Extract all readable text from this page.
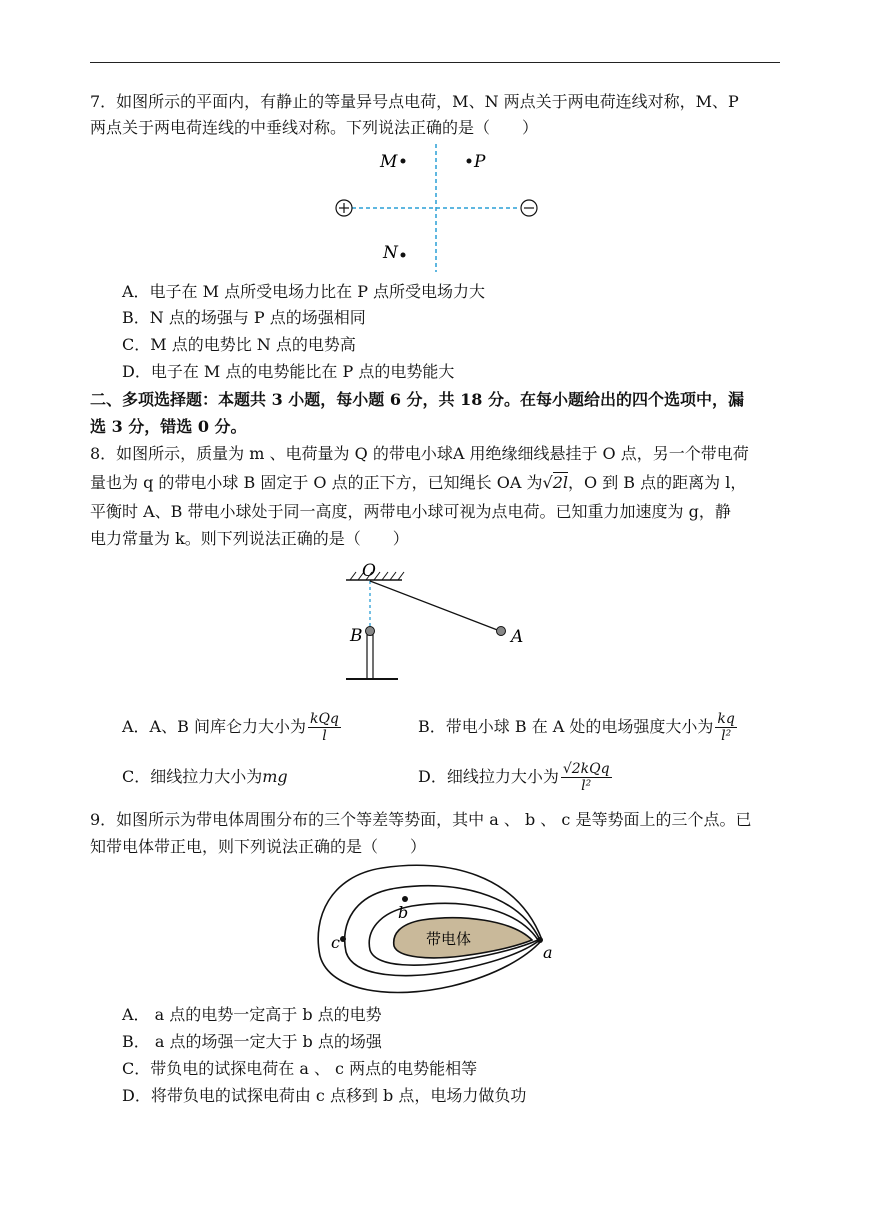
7．如图所示的平面内，有静止的等量异号点电荷，M、N 两点关于两电荷连线对称，M、P
两点关于两电荷连线的中垂线对称。下列说法正确的是（　　）
M	P
N
A．电子在 M 点所受电场力比在 P 点所受电场力大
B．N 点的场强与 P 点的场强相同
C．M 点的电势比 N 点的电势高
D．电子在 M 点的电势能比在 P 点的电势能大
二、多项选择题：本题共 3 小题，每小题 6 分，共 18 分。在每小题给出的四个选项中，漏
选 3 分，错选 0 分。
8．如图所示，质量为 m 、电荷量为 Q 的带电小球A 用绝缘细线悬挂于 O 点，另一个带电荷
量也为 q 的带电小球 B 固定于 O 点的正下方，已知绳长 OA 为√2l，O 到 B 点的距离为 l，
平衡时 A、B 带电小球处于同一高度，两带电小球可视为点电荷。已知重力加速度为 g，静
电力常量为 k。则下列说法正确的是（　　）
O
B	A
A．A、B 间库仑力大小为 $\frac{\text{kQq}}{l}$	B．带电小球 B 在 A 处的电场强度大小为 $\frac{kq}{\text{l²}}$
C．细线拉力大小为mg	D．细线拉力大小为 $\frac{\text{√2kQq}}{\text{l²}}$
9．如图所示为带电体周围分布的三个等差等势面，其中 a 、 b 、 c 是等势面上的三个点。已
知带电体带正电，则下列说法正确的是（　　）
带电体
a
b
c
A． a 点的电势一定高于 b 点的电势
B． a 点的场强一定大于 b 点的场强
C．带负电的试探电荷在 a 、 c 两点的电势能相等
D．将带负电的试探电荷由 c 点移到 b 点，电场力做负功
